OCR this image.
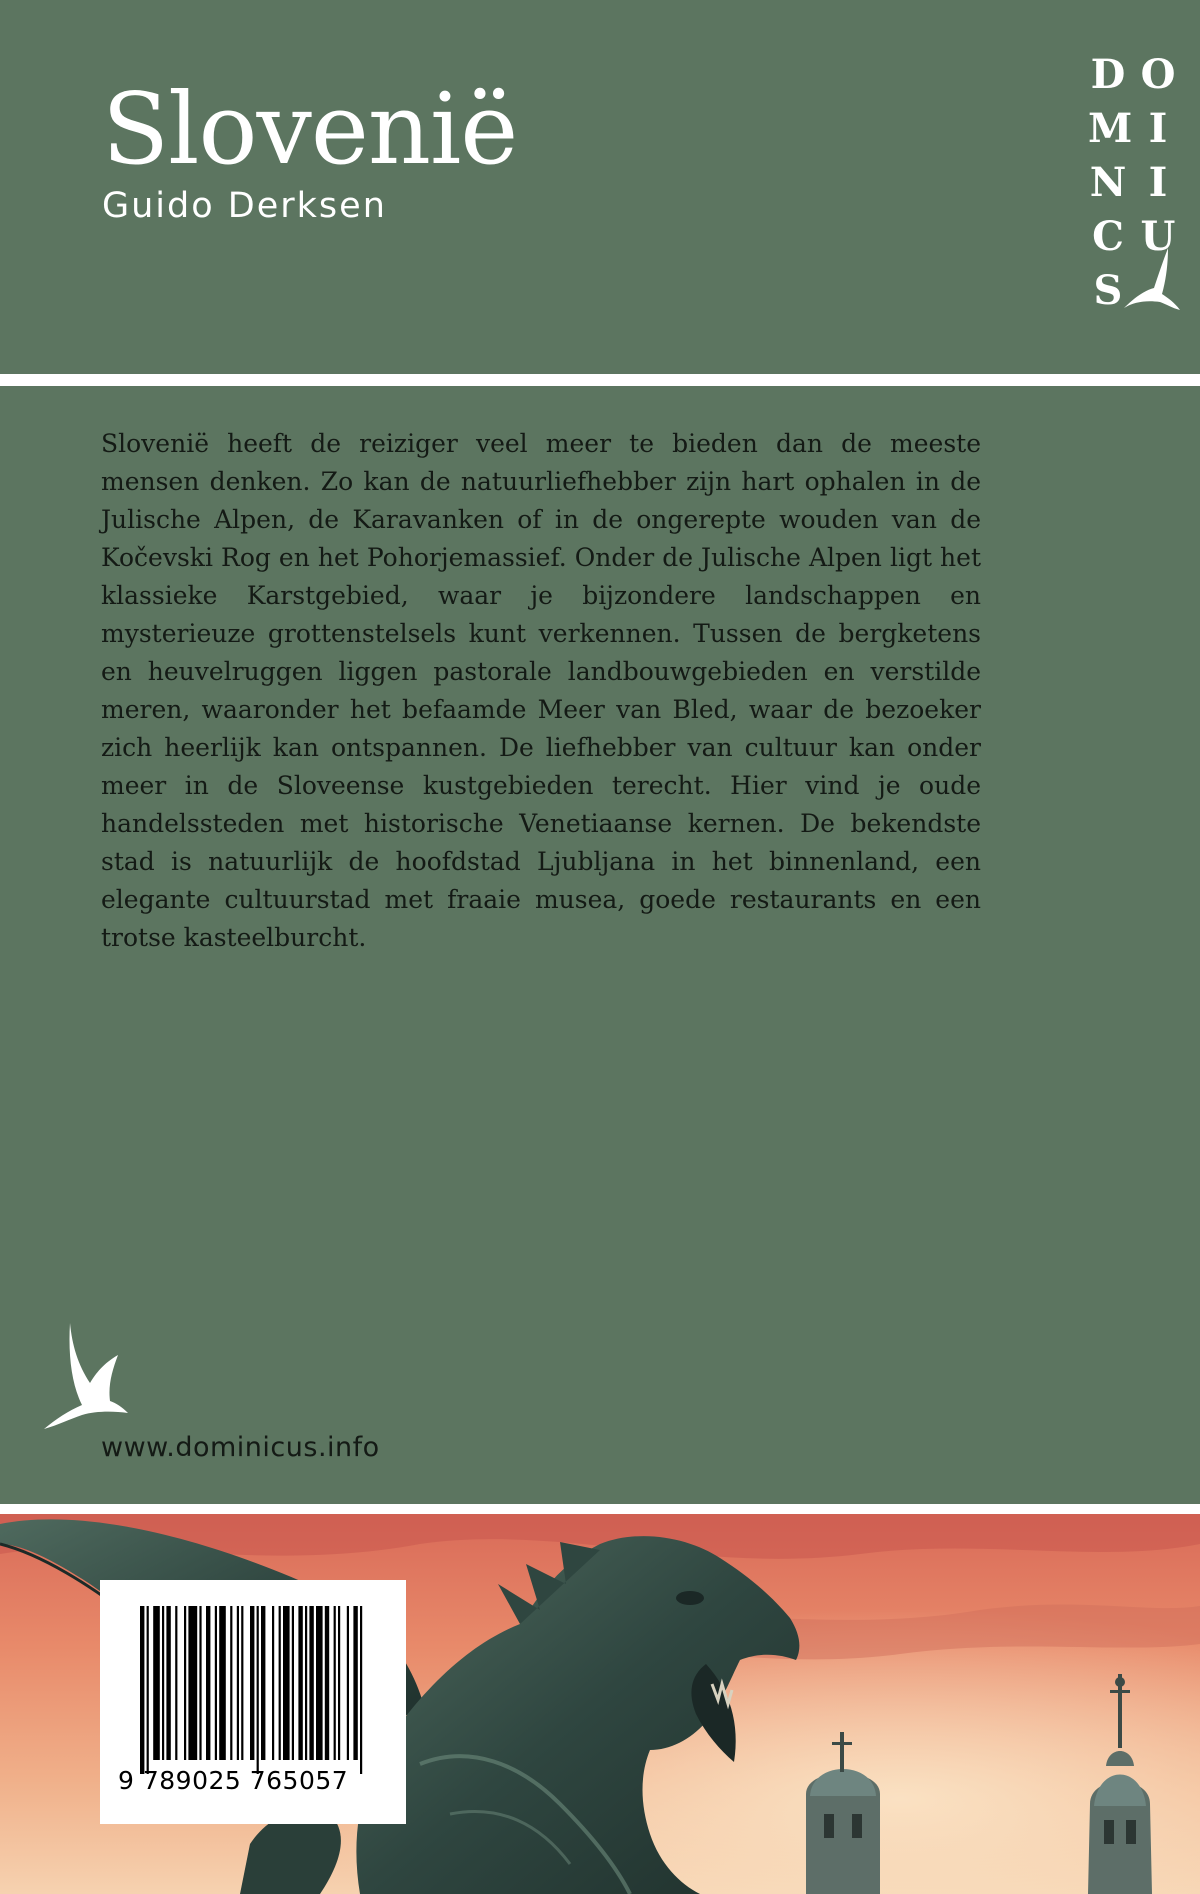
Slovenië
Guido Derksen
D O
M I
N I
C U
S

Slovenië heeft de reiziger veel meer te bieden dan de meeste mensen denken. Zo kan de natuurliefhebber zijn hart ophalen in de Julische Alpen, de Karavanken of in de ongerepte wouden van de Kočevski Rog en het Pohorjemassief. Onder de Julische Alpen ligt het klassieke Karstgebied, waar je bijzondere landschappen en mysterieuze grottenstelsels kunt verkennen. Tussen de bergketens en heuvelruggen liggen pastorale landbouwgebieden en verstilde meren, waaronder het befaamde Meer van Bled, waar de bezoeker zich heerlijk kan ontspannen. De liefhebber van cultuur kan onder meer in de Sloveense kustgebieden terecht. Hier vind je oude handelssteden met historische Venetiaanse kernen. De bekendste stad is natuurlijk de hoofdstad Ljubljana in het binnenland, een elegante cultuurstad met fraaie musea, goede restaurants en een trotse kasteelburcht.

www.dominicus.info
9 789025 765057
